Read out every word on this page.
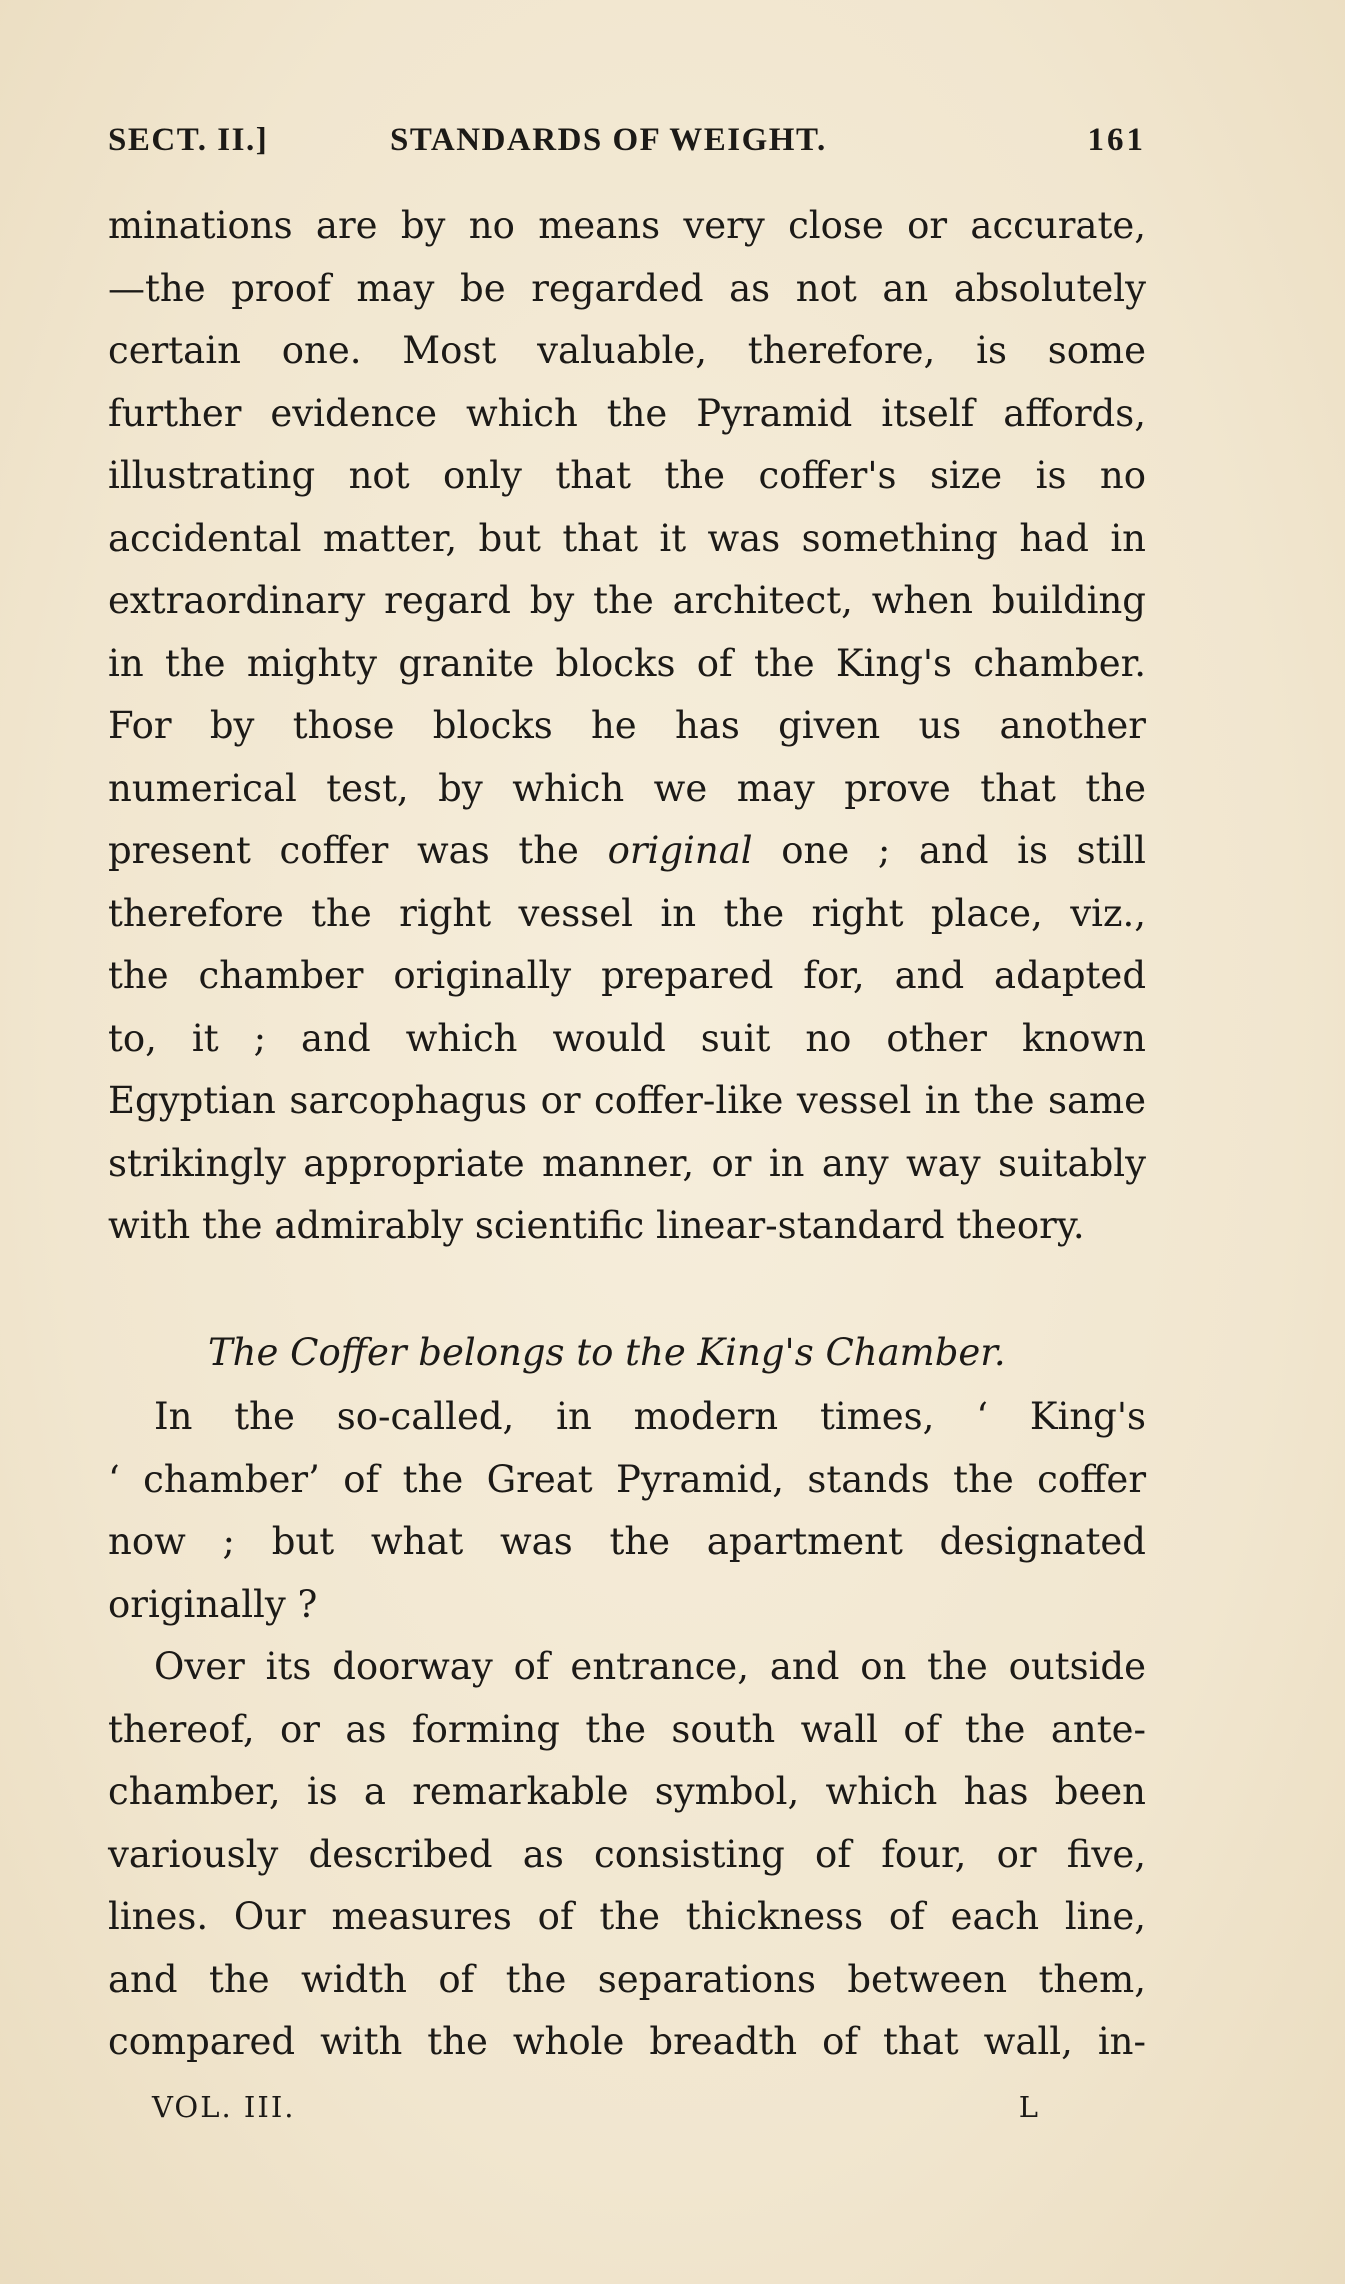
SECT. II.]	STANDARDS OF WEIGHT.	161
minations are by no means very close or accurate,
—the proof may be regarded as not an absolutely
certain one. Most valuable, therefore, is some
further evidence which the Pyramid itself affords,
illustrating not only that the coffer's size is no
accidental matter, but that it was something had in
extraordinary regard by the architect, when building
in the mighty granite blocks of the King's chamber.
For by those blocks he has given us another
numerical test, by which we may prove that the
present coffer was the original one ; and is still
therefore the right vessel in the right place, viz.,
the chamber originally prepared for, and adapted
to, it ; and which would suit no other known
Egyptian sarcophagus or coffer-like vessel in the same
strikingly appropriate manner, or in any way suitably
with the admirably scientific linear-standard theory.
The Coffer belongs to the King's Chamber.
In the so-called, in modern times, ‘ King's
‘ chamber’ of the Great Pyramid, stands the coffer
now ; but what was the apartment designated
originally ?
Over its doorway of entrance, and on the outside
thereof, or as forming the south wall of the ante-
chamber, is a remarkable symbol, which has been
variously described as consisting of four, or five,
lines. Our measures of the thickness of each line,
and the width of the separations between them,
compared with the whole breadth of that wall, in-
VOL. III.	L
